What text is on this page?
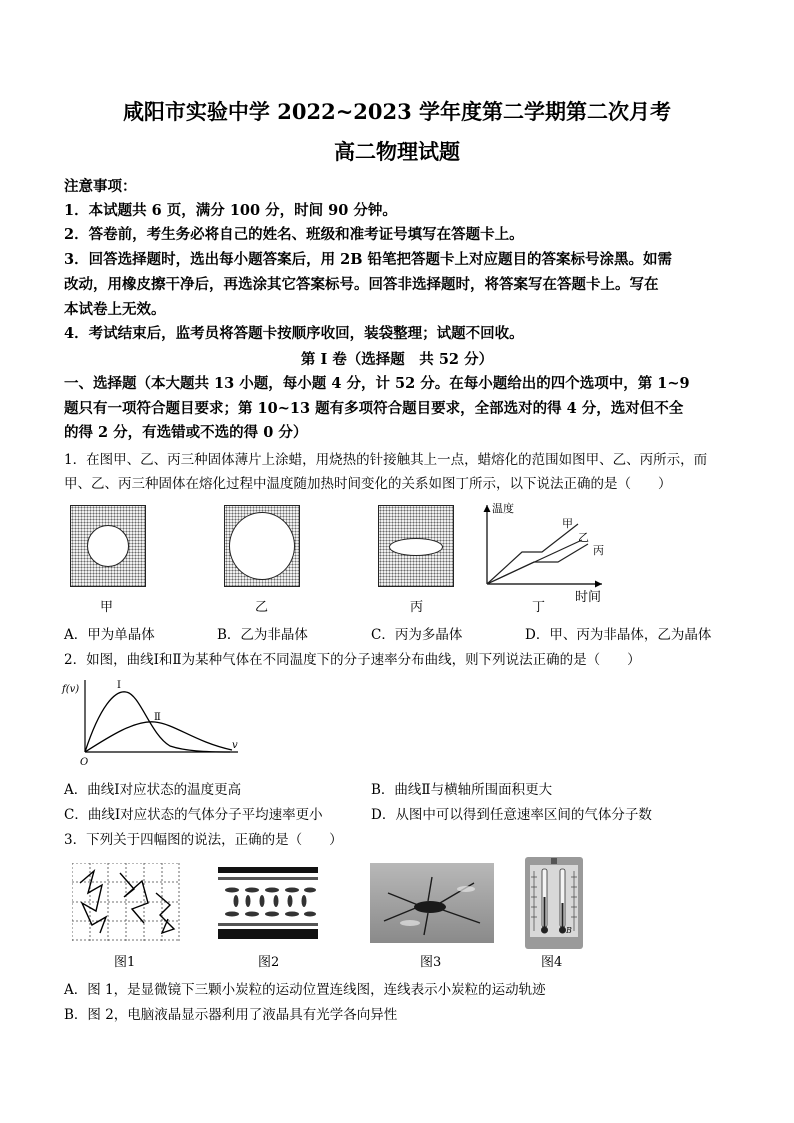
咸阳市实验中学 2022~2023 学年度第二学期第二次月考
高二物理试题
注意事项：
1．本试题共 6 页，满分 100 分，时间 90 分钟。
2．答卷前，考生务必将自己的姓名、班级和准考证号填写在答题卡上。
3．回答选择题时，选出每小题答案后，用 2B 铅笔把答题卡上对应题目的答案标号涂黑。如需
改动，用橡皮擦干净后，再选涂其它答案标号。回答非选择题时，将答案写在答题卡上。写在
本试卷上无效。
4．考试结束后，监考员将答题卡按顺序收回，装袋整理；试题不回收。
第 I 卷（选择题　共 52 分）
一、选择题（本大题共 13 小题，每小题 4 分，计 52 分。在每小题给出的四个选项中，第 1~9
题只有一项符合题目要求；第 10~13 题有多项符合题目要求，全部选对的得 4 分，选对但不全
的得 2 分，有选错或不选的得 0 分）
1．在图甲、乙、丙三种固体薄片上涂蜡，用烧热的针接触其上一点，蜡熔化的范围如图甲、乙、丙所示，而
甲、乙、丙三种固体在熔化过程中温度随加热时间变化的关系如图丁所示，以下说法正确的是（　　）
温度
甲
乙
丙
时间
甲	乙	丙	丁
A．甲为单晶体	B．乙为非晶体	C．丙为多晶体	D．甲、丙为非晶体，乙为晶体
2．如图，曲线Ⅰ和Ⅱ为某种气体在不同温度下的分子速率分布曲线，则下列说法正确的是（　　）
f(v)
v
O
Ⅰ
Ⅱ
A．曲线Ⅰ对应状态的温度更高	B．曲线Ⅱ与横轴所围面积更大
C．曲线Ⅰ对应状态的气体分子平均速率更小	D．从图中可以得到任意速率区间的气体分子数
3．下列关于四幅图的说法，正确的是（　　）
B
图1	图2	图3	图4
A．图 1，是显微镜下三颗小炭粒的运动位置连线图，连线表示小炭粒的运动轨迹
B．图 2，电脑液晶显示器利用了液晶具有光学各向异性
